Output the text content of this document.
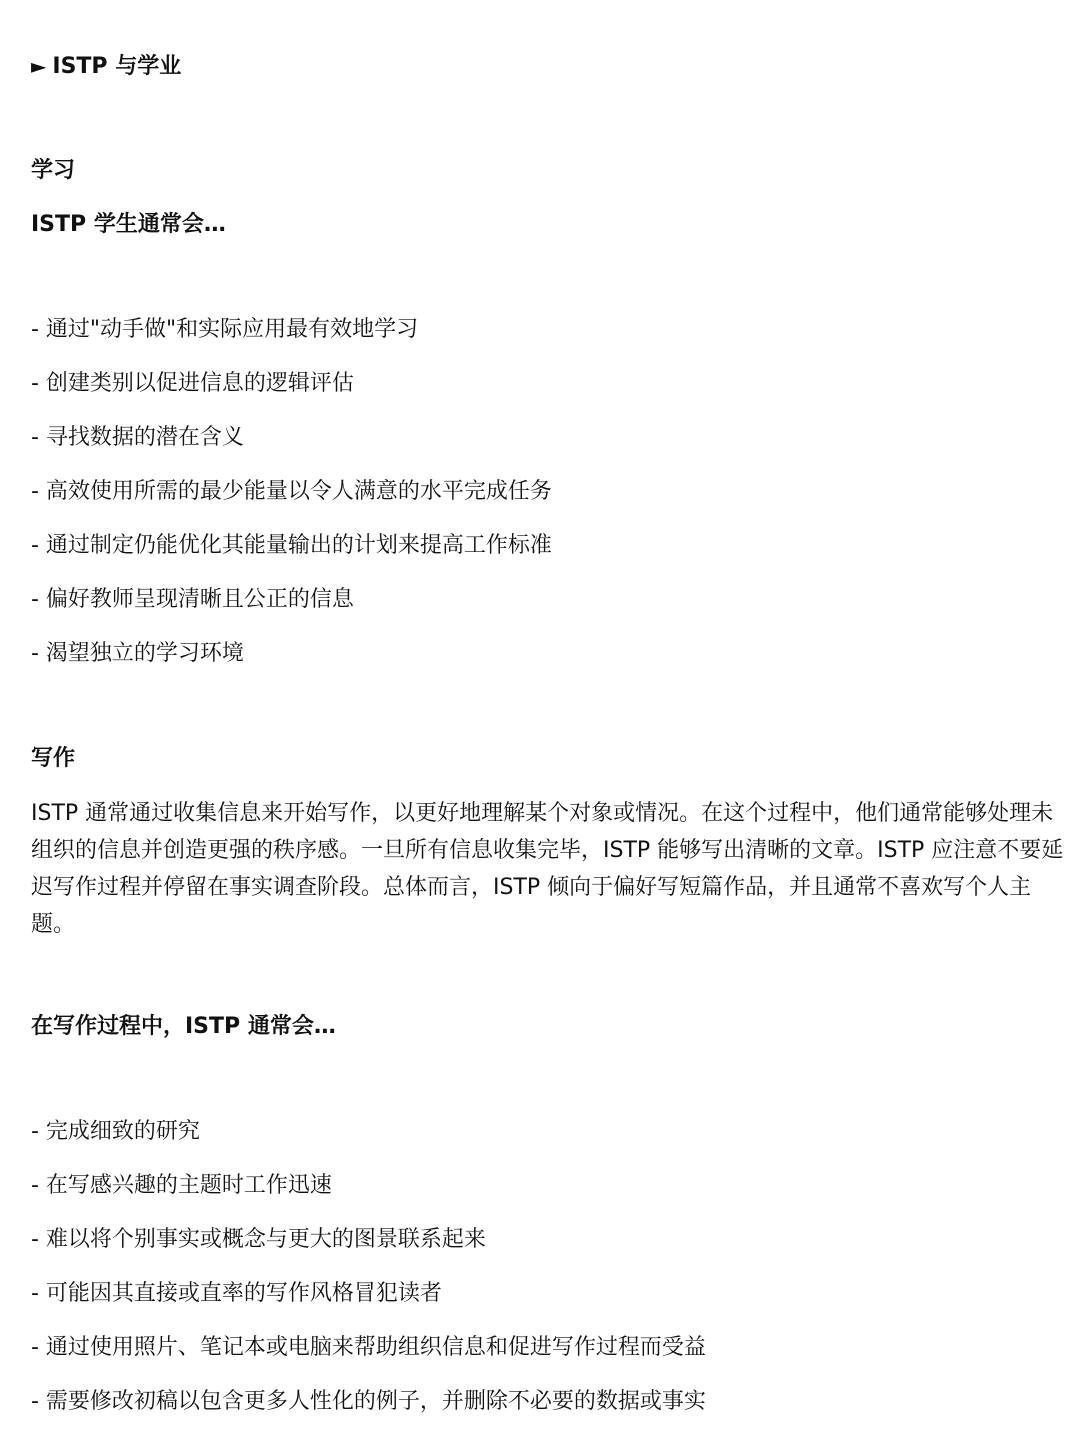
► ISTP 与学业
学习
ISTP 学生通常会…
- 通过"动手做"和实际应用最有效地学习
- 创建类别以促进信息的逻辑评估
- 寻找数据的潜在含义
- 高效使用所需的最少能量以令人满意的水平完成任务
- 通过制定仍能优化其能量输出的计划来提高工作标准
- 偏好教师呈现清晰且公正的信息
- 渴望独立的学习环境
写作

ISTP 通常通过收集信息来开始写作，以更好地理解某个对象或情况。在这个过程中，他们通常能够处理未组织的信息并创造更强的秩序感。一旦所有信息收集完毕，ISTP 能够写出清晰的文章。ISTP 应注意不要延迟写作过程并停留在事实调查阶段。总体而言，ISTP 倾向于偏好写短篇作品，并且通常不喜欢写个人主题。

在写作过程中，ISTP 通常会…
- 完成细致的研究
- 在写感兴趣的主题时工作迅速
- 难以将个别事实或概念与更大的图景联系起来
- 可能因其直接或直率的写作风格冒犯读者
- 通过使用照片、笔记本或电脑来帮助组织信息和促进写作过程而受益
- 需要修改初稿以包含更多人性化的例子，并删除不必要的数据或事实
